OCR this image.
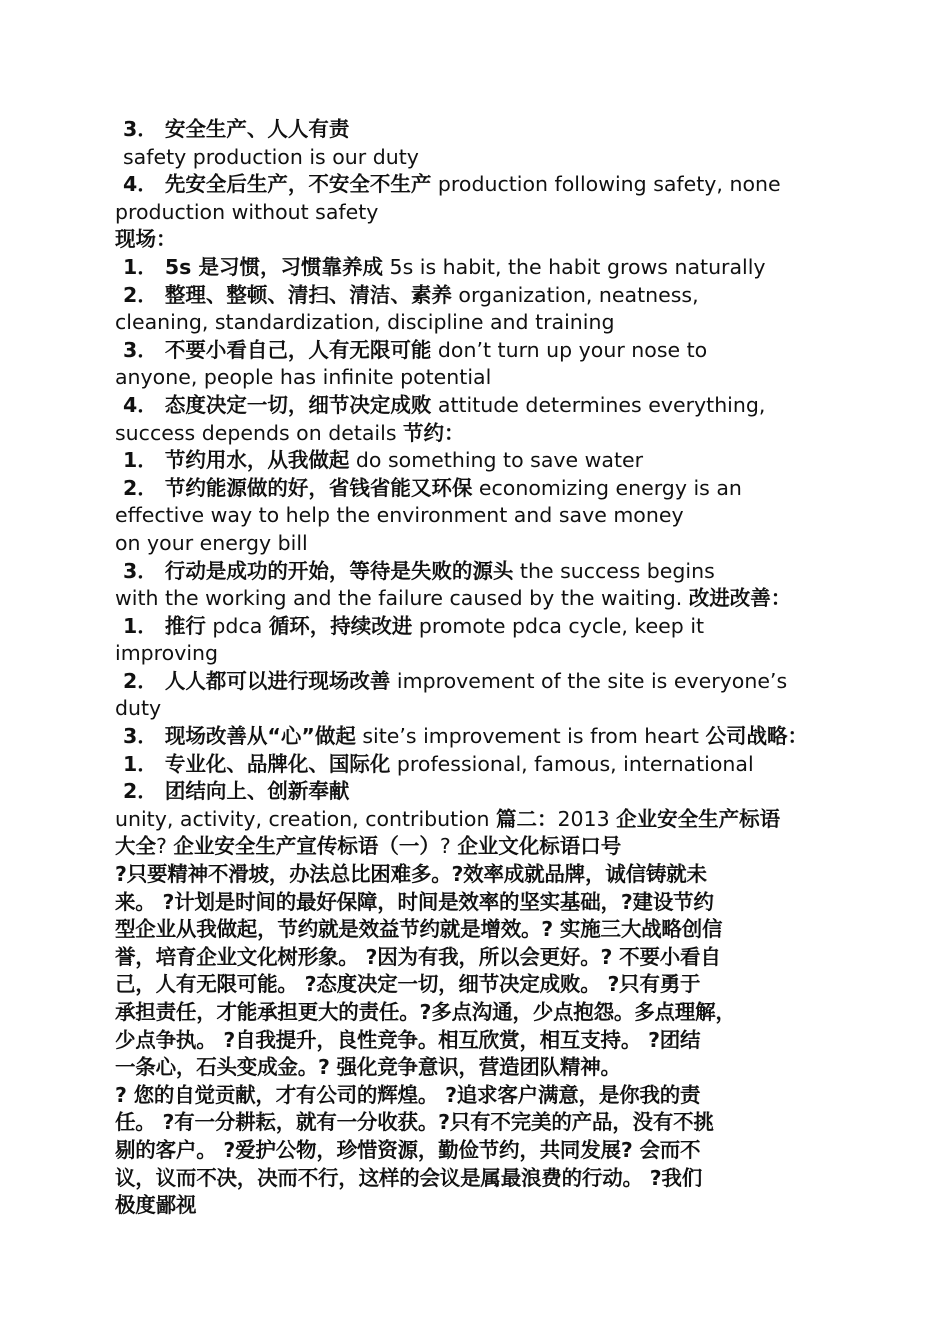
3． 安全生产、人人有责
safety production is our duty
4． 先安全后生产，不安全不生产 production following safety, none
production without safety
现场：
1． 5s 是习惯，习惯靠养成 5s is habit, the habit grows naturally
2． 整理、整顿、清扫、清洁、素养 organization, neatness,
cleaning, standardization, discipline and training
3． 不要小看自己，人有无限可能 don’t turn up your nose to
anyone, people has infinite potential
4． 态度决定一切，细节决定成败 attitude determines everything,
success depends on details 节约：
1． 节约用水，从我做起 do something to save water
2． 节约能源做的好，省钱省能又环保 economizing energy is an
effective way to help the environment and save money
on your energy bill
3． 行动是成功的开始，等待是失败的源头 the success begins
with the working and the failure caused by the waiting. 改进改善：
1． 推行 pdca 循环，持续改进 promote pdca cycle, keep it
improving
2． 人人都可以进行现场改善 improvement of the site is everyone’s
duty
3． 现场改善从“心”做起 site’s improvement is from heart 公司战略：
1． 专业化、品牌化、国际化 professional, famous, international
2． 团结向上、创新奉献
unity, activity, creation, contribution 篇二：2013 企业安全生产标语
大全? 企业安全生产宣传标语（一）? 企业文化标语口号
?只要精神不滑坡，办法总比困难多。?效率成就品牌，诚信铸就未
来。 ?计划是时间的最好保障，时间是效率的坚实基础，?建设节约
型企业从我做起，节约就是效益节约就是增效。? 实施三大战略创信
誉，培育企业文化树形象。 ?因为有我，所以会更好。? 不要小看自
己，人有无限可能。 ?态度决定一切，细节决定成败。 ?只有勇于
承担责任，才能承担更大的责任。?多点沟通，少点抱怨。多点理解，
少点争执。 ?自我提升，良性竞争。相互欣赏，相互支持。 ?团结
一条心，石头变成金。? 强化竞争意识，营造团队精神。
? 您的自觉贡献，才有公司的辉煌。 ?追求客户满意，是你我的责
任。 ?有一分耕耘，就有一分收获。?只有不完美的产品，没有不挑
剔的客户。 ?爱护公物，珍惜资源，勤俭节约，共同发展? 会而不
议，议而不决，决而不行，这样的会议是属最浪费的行动。 ?我们
极度鄙视
